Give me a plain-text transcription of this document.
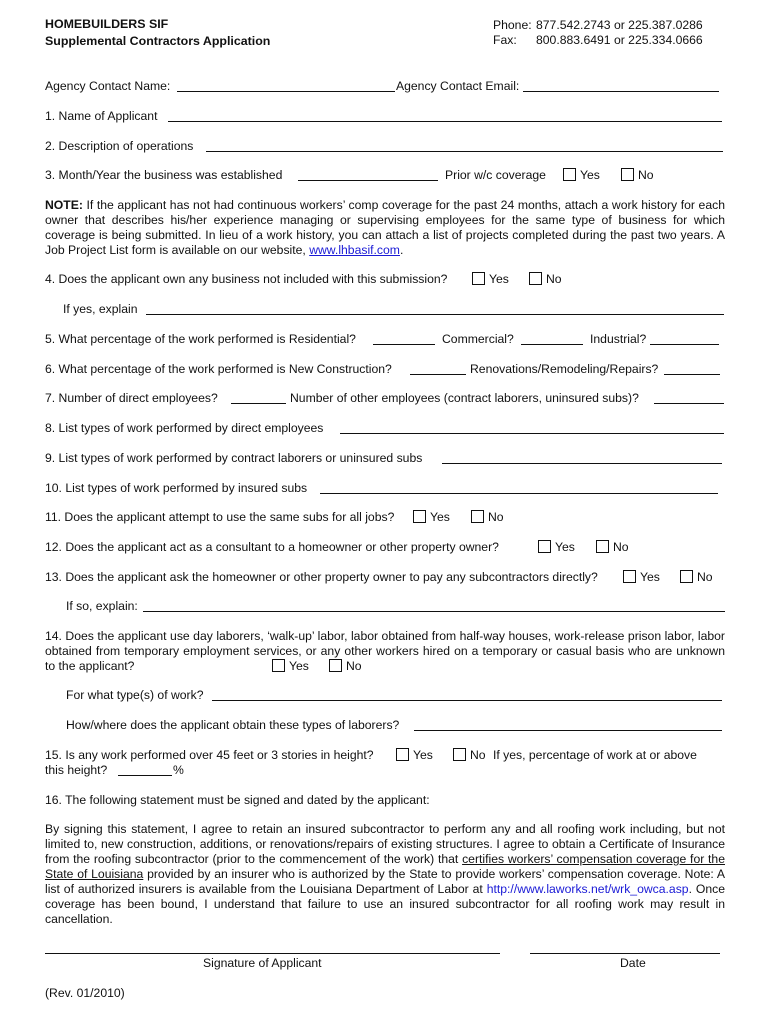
HOMEBUILDERS SIF
Supplemental Contractors Application
Phone: 877.542.2743 or 225.387.0286
Fax: 800.883.6491 or 225.334.0666
Agency Contact Name:	Agency Contact Email:
1. Name of Applicant
2. Description of operations
3. Month/Year the business was established	Prior w/c coverage	Yes	No
NOTE: If the applicant has not had continuous workers’ comp coverage for the past 24 months, attach a work history for each owner that describes his/her experience managing or supervising employees for the same type of business for which coverage is being submitted. In lieu of a work history, you can attach a list of projects completed during the past two years. A Job Project List form is available on our website, www.lhbasif.com.
4. Does the applicant own any business not included with this submission?	Yes	No
If yes, explain
5. What percentage of the work performed is Residential?	Commercial?	Industrial?
6. What percentage of the work performed is New Construction?	Renovations/Remodeling/Repairs?
7. Number of direct employees?	Number of other employees (contract laborers, uninsured subs)?
8. List types of work performed by direct employees
9. List types of work performed by contract laborers or uninsured subs
10. List types of work performed by insured subs
11. Does the applicant attempt to use the same subs for all jobs?	Yes	No
12. Does the applicant act as a consultant to a homeowner or other property owner?	Yes	No
13. Does the applicant ask the homeowner or other property owner to pay any subcontractors directly?	Yes	No
If so, explain:
14. Does the applicant use day laborers, ‘walk-up’ labor, labor obtained from half-way houses, work-release prison labor, labor obtained from temporary employment services, or any other workers hired on a temporary or casual basis who are unknown to the applicant?	Yes	No
For what type(s) of work?
How/where does the applicant obtain these types of laborers?
15. Is any work performed over 45 feet or 3 stories in height?	Yes	No If yes, percentage of work at or above
this height?	%
16. The following statement must be signed and dated by the applicant:
By signing this statement, I agree to retain an insured subcontractor to perform any and all roofing work including, but not limited to, new construction, additions, or renovations/repairs of existing structures. I agree to obtain a Certificate of Insurance from the roofing subcontractor (prior to the commencement of the work) that certifies workers’ compensation coverage for the State of Louisiana provided by an insurer who is authorized by the State to provide workers’ compensation coverage. Note: A list of authorized insurers is available from the Louisiana Department of Labor at http://www.laworks.net/wrk_owca.asp. Once coverage has been bound, I understand that failure to use an insured subcontractor for all roofing work may result in cancellation.
Signature of Applicant	Date
(Rev. 01/2010)
